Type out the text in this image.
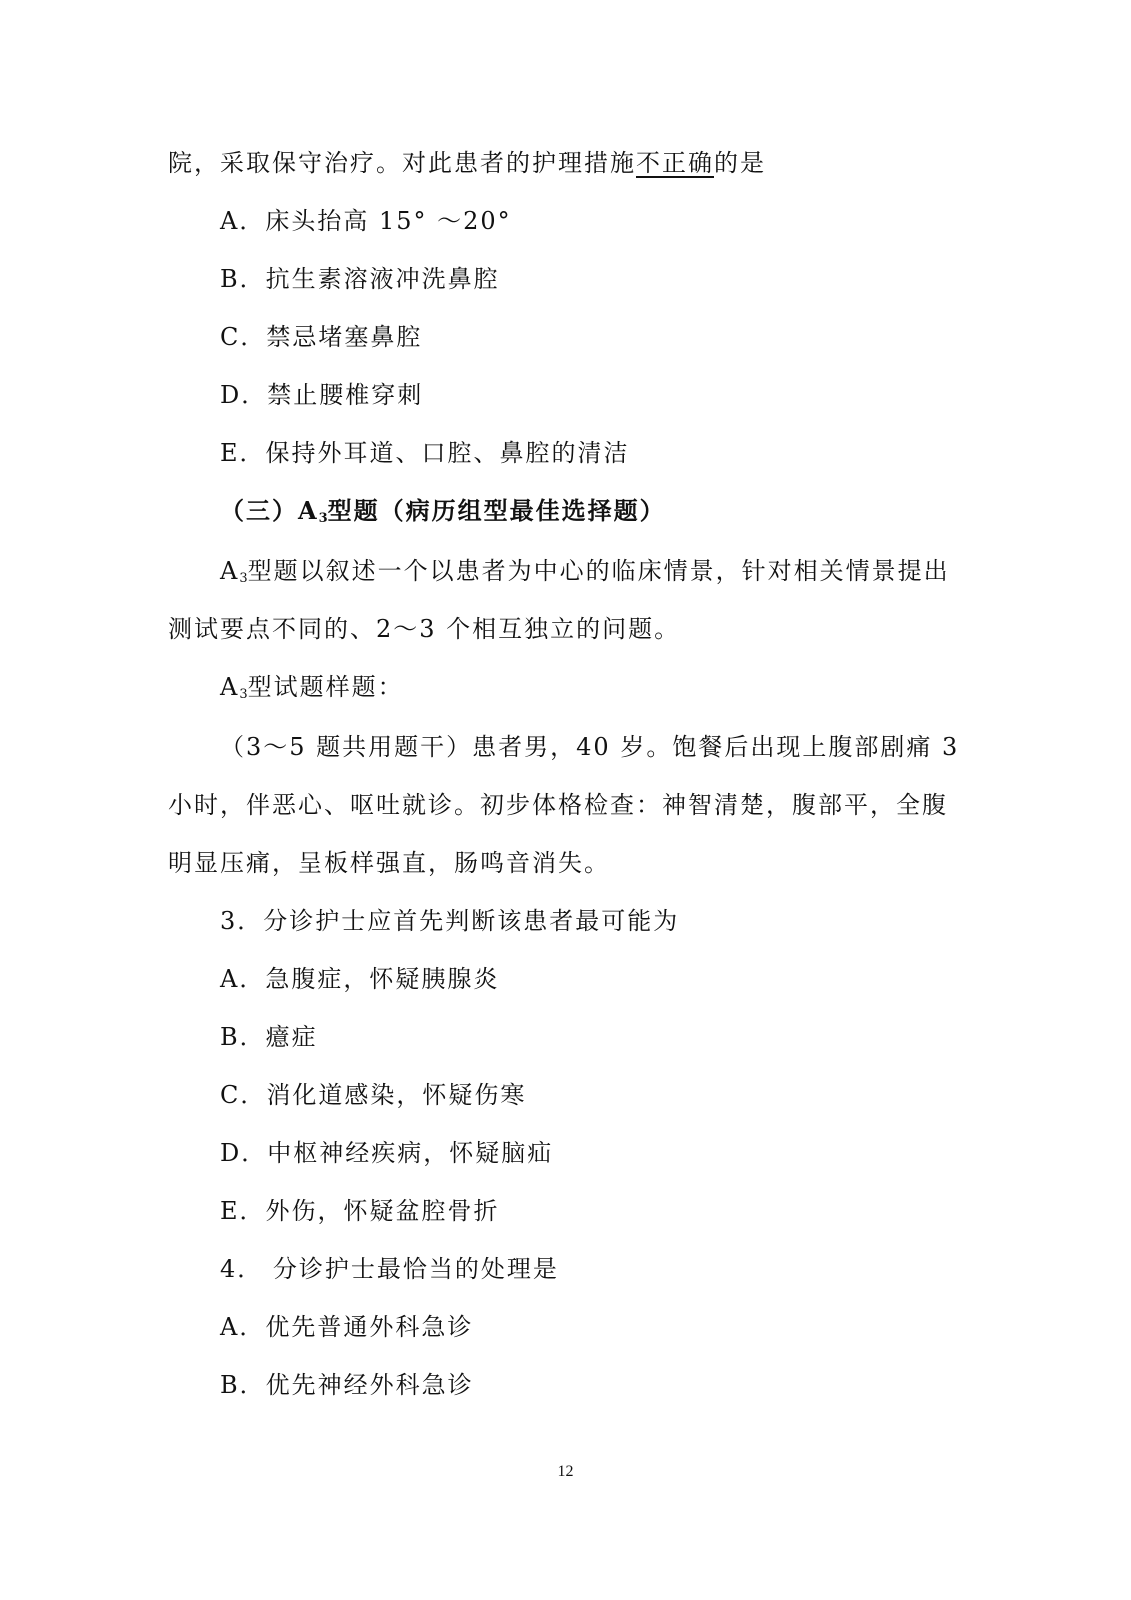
院，采取保守治疗。对此患者的护理措施不正确的是
A．床头抬高 15° ～20°
B．抗生素溶液冲洗鼻腔
C．禁忌堵塞鼻腔
D．禁止腰椎穿刺
E．保持外耳道、口腔、鼻腔的清洁
（三）$A_3$型题（病历组型最佳选择题）
$A_3$型题以叙述一个以患者为中心的临床情景，针对相关情景提出
测试要点不同的、2～3 个相互独立的问题。
$A_3$型试题样题：
（3～5 题共用题干）患者男，40 岁。饱餐后出现上腹部剧痛 3
小时，伴恶心、呕吐就诊。初步体格检查：神智清楚，腹部平，全腹
明显压痛，呈板样强直，肠鸣音消失。
3．分诊护士应首先判断该患者最可能为
A．急腹症，怀疑胰腺炎
B．癔症
C．消化道感染，怀疑伤寒
D．中枢神经疾病，怀疑脑疝
E．外伤，怀疑盆腔骨折
4． 分诊护士最恰当的处理是
A．优先普通外科急诊
B．优先神经外科急诊
12
